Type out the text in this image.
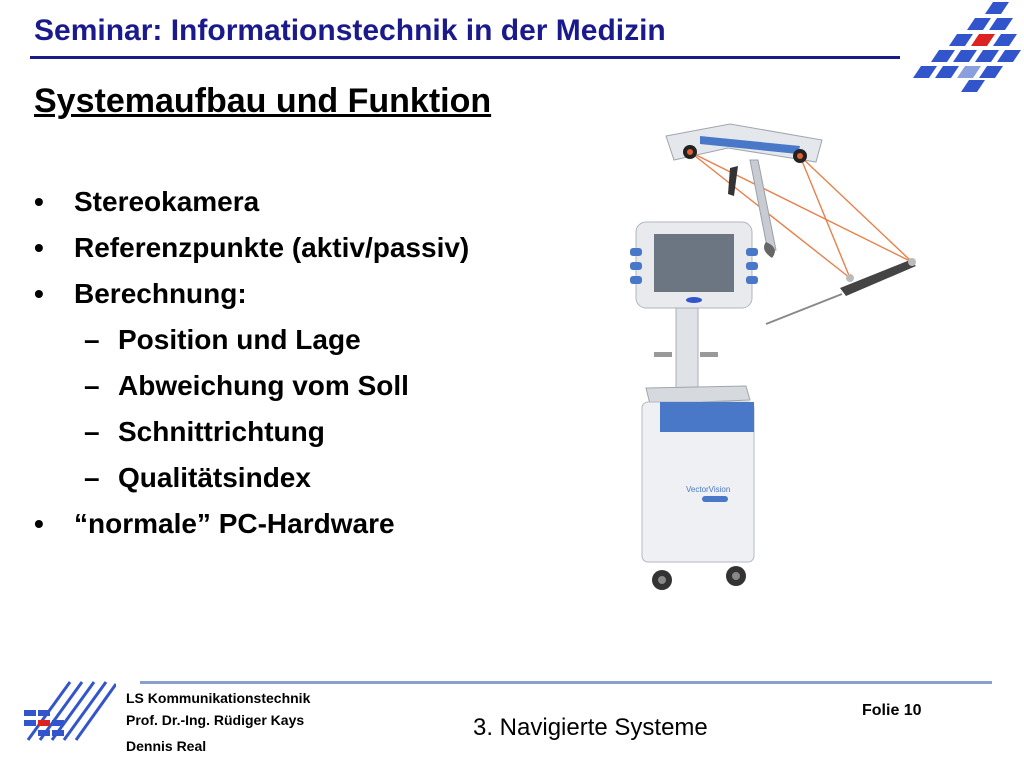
Seminar: Informationstechnik in der Medizin
Systemaufbau und Funktion
• Stereokamera
• Referenzpunkte (aktiv/passiv)
• Berechnung:
– Position und Lage
– Abweichung vom Soll
– Schnittrichtung
– Qualitätsindex
• “normale” PC-Hardware
VectorVision
LS Kommunikationstechnik
Prof. Dr.-Ing. Rüdiger Kays
Dennis Real
3. Navigierte Systeme
Folie 10
